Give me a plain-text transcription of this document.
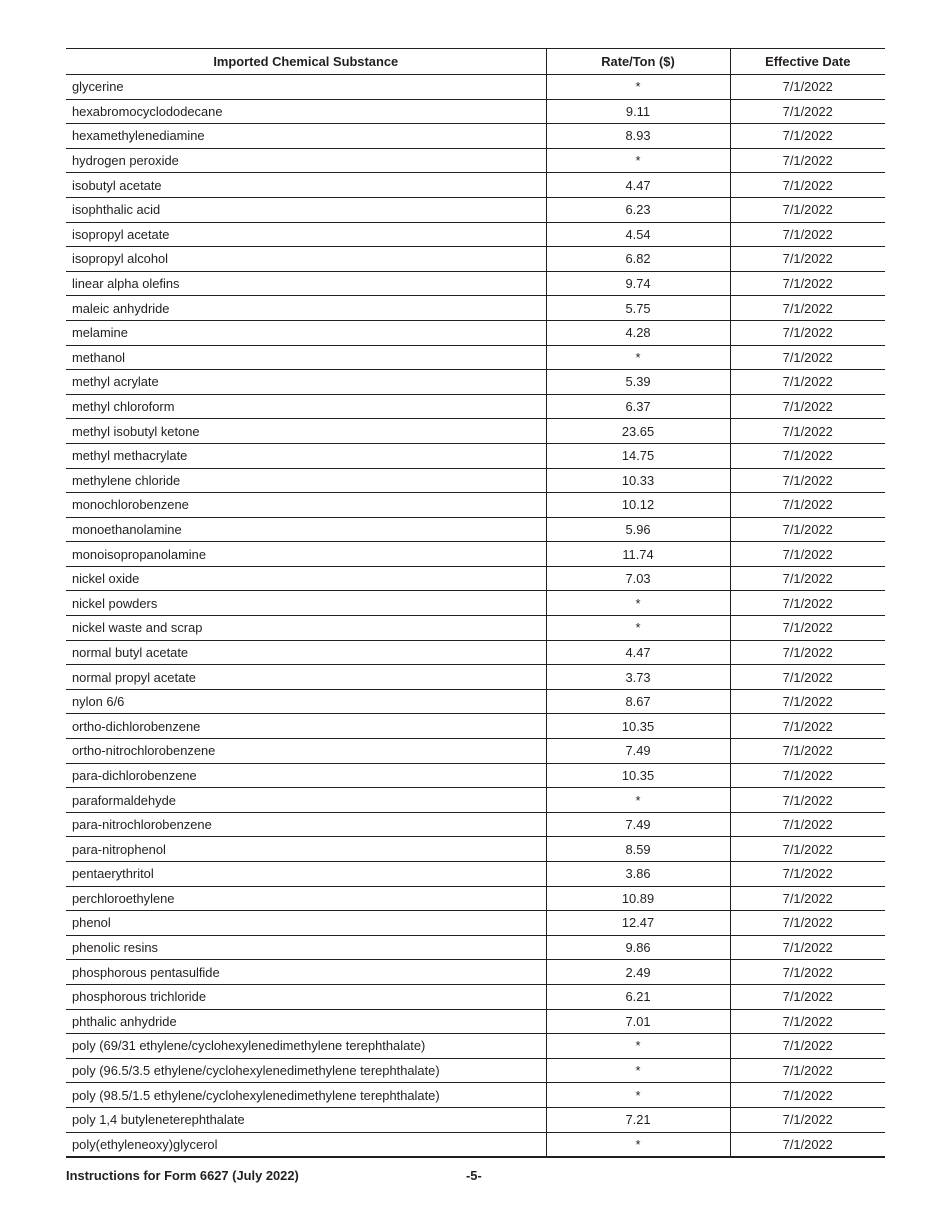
Imported Chemical Substance	Rate/Ton ($)	Effective Date
glycerine	*	7/1/2022
hexabromocyclododecane	9.11	7/1/2022
hexamethylenediamine	8.93	7/1/2022
hydrogen peroxide	*	7/1/2022
isobutyl acetate	4.47	7/1/2022
isophthalic acid	6.23	7/1/2022
isopropyl acetate	4.54	7/1/2022
isopropyl alcohol	6.82	7/1/2022
linear alpha olefins	9.74	7/1/2022
maleic anhydride	5.75	7/1/2022
melamine	4.28	7/1/2022
methanol	*	7/1/2022
methyl acrylate	5.39	7/1/2022
methyl chloroform	6.37	7/1/2022
methyl isobutyl ketone	23.65	7/1/2022
methyl methacrylate	14.75	7/1/2022
methylene chloride	10.33	7/1/2022
monochlorobenzene	10.12	7/1/2022
monoethanolamine	5.96	7/1/2022
monoisopropanolamine	11.74	7/1/2022
nickel oxide	7.03	7/1/2022
nickel powders	*	7/1/2022
nickel waste and scrap	*	7/1/2022
normal butyl acetate	4.47	7/1/2022
normal propyl acetate	3.73	7/1/2022
nylon 6/6	8.67	7/1/2022
ortho-dichlorobenzene	10.35	7/1/2022
ortho-nitrochlorobenzene	7.49	7/1/2022
para-dichlorobenzene	10.35	7/1/2022
paraformaldehyde	*	7/1/2022
para-nitrochlorobenzene	7.49	7/1/2022
para-nitrophenol	8.59	7/1/2022
pentaerythritol	3.86	7/1/2022
perchloroethylene	10.89	7/1/2022
phenol	12.47	7/1/2022
phenolic resins	9.86	7/1/2022
phosphorous pentasulfide	2.49	7/1/2022
phosphorous trichloride	6.21	7/1/2022
phthalic anhydride	7.01	7/1/2022
poly (69/31 ethylene/cyclohexylenedimethylene terephthalate)	*	7/1/2022
poly (96.5/3.5 ethylene/cyclohexylenedimethylene terephthalate)	*	7/1/2022
poly (98.5/1.5 ethylene/cyclohexylenedimethylene terephthalate)	*	7/1/2022
poly 1,4 butyleneterephthalate	7.21	7/1/2022
poly(ethyleneoxy)glycerol	*	7/1/2022
Instructions for Form 6627 (July 2022)	-5-
